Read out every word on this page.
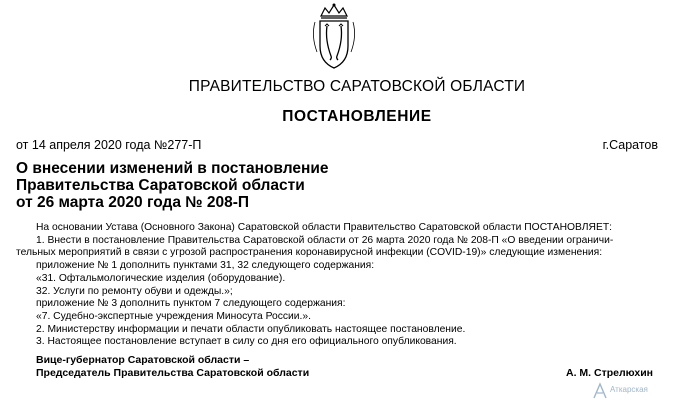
ПРАВИТЕЛЬСТВО САРАТОВСКОЙ ОБЛАСТИ
ПОСТАНОВЛЕНИЕ
от 14 апреля 2020 года №277-П	г.Саратов
О внесении изменений в постановление
Правительства Саратовской области
от 26 марта 2020 года № 208-П

На основании Устава (Основного Закона) Саратовской области Правительство Саратовской области ПОСТАНОВЛЯЕТ:

1. Внести в постановление Правительства Саратовской области от 26 марта 2020 года № 208-П «О введении ограничи-

тельных мероприятий в связи с угрозой распространения коронавирусной инфекции (COVID-19)» следующие изменения:

приложение № 1 дополнить пунктами 31, 32 следующего содержания:

«31. Офтальмологические изделия (оборудование).

32. Услуги по ремонту обуви и одежды.»;

приложение № 3 дополнить пунктом 7 следующего содержания:

«7. Судебно-экспертные учреждения Миносута России.».

2. Министерству информации и печати области опубликовать настоящее постановление.

3. Настоящее постановление вступает в силу со дня его официального опубликования.

Вице-губернатор Саратовской области –

Председатель Правительства Саратовской области	А. М. Стрелюхин
Аткарская
